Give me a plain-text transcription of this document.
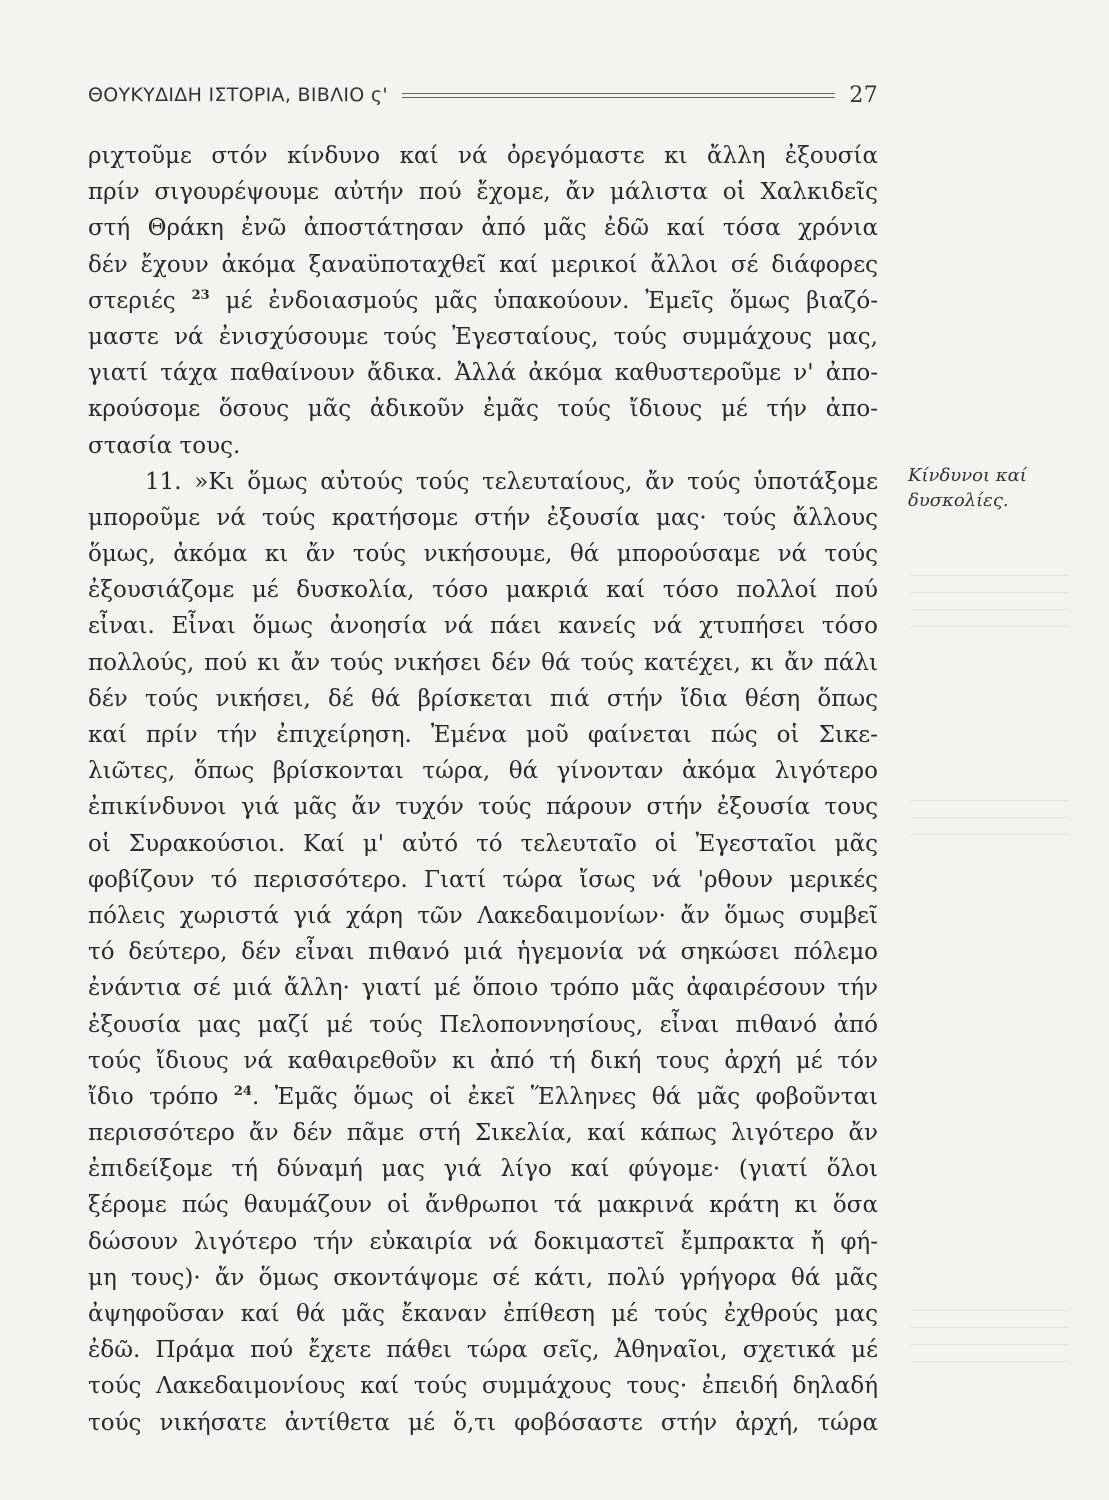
ΘΟΥΚΥΔΙΔΗ ΙΣΤΟΡΙΑ, ΒΙΒΛΙΟ ς'	27
ριχτοῦμε στόν κίνδυνο καί νά ὀρεγόμαστε κι ἄλλη ἐξουσία
πρίν σιγουρέψουμε αὐτήν πού ἔχομε, ἄν μάλιστα οἱ Χαλκιδεῖς
στή Θράκη ἐνῶ ἀποστάτησαν ἀπό μᾶς ἐδῶ καί τόσα χρόνια
δέν ἔχουν ἀκόμα ξαναϋποταχθεῖ καί μερικοί ἄλλοι σέ διάφορες
στεριές $^{23}$ μέ ἐνδοιασμούς μᾶς ὑπακούουν. Ἐμεῖς ὅμως βιαζό-
μαστε νά ἐνισχύσουμε τούς Ἐγεσταίους, τούς συμμάχους μας,
γιατί τάχα παθαίνουν ἄδικα. Ἀλλά ἀκόμα καθυστεροῦμε ν' ἀπο-
κρούσομε ὅσους μᾶς ἀδικοῦν ἐμᾶς τούς ἴδιους μέ τήν ἀπο-
στασία τους.
11. »Κι ὅμως αὐτούς τούς τελευταίους, ἄν τούς ὑποτάξομε
μποροῦμε νά τούς κρατήσομε στήν ἐξουσία μας· τούς ἄλλους
ὅμως, ἀκόμα κι ἄν τούς νικήσουμε, θά μπορούσαμε νά τούς
ἐξουσιάζομε μέ δυσκολία, τόσο μακριά καί τόσο πολλοί πού
εἶναι. Εἶναι ὅμως ἀνοησία νά πάει κανείς νά χτυπήσει τόσο
πολλούς, πού κι ἄν τούς νικήσει δέν θά τούς κατέχει, κι ἄν πάλι
δέν τούς νικήσει, δέ θά βρίσκεται πιά στήν ἴδια θέση ὅπως
καί πρίν τήν ἐπιχείρηση. Ἐμένα μοῦ φαίνεται πώς οἱ Σικε-
λιῶτες, ὅπως βρίσκονται τώρα, θά γίνονταν ἀκόμα λιγότερο
ἐπικίνδυνοι γιά μᾶς ἄν τυχόν τούς πάρουν στήν ἐξουσία τους
οἱ Συρακούσιοι. Καί μ' αὐτό τό τελευταῖο οἱ Ἐγεσταῖοι μᾶς
φοβίζουν τό περισσότερο. Γιατί τώρα ἴσως νά 'ρθουν μερικές
πόλεις χωριστά γιά χάρη τῶν Λακεδαιμονίων· ἄν ὅμως συμβεῖ
τό δεύτερο, δέν εἶναι πιθανό μιά ἡγεμονία νά σηκώσει πόλεμο
ἐνάντια σέ μιά ἄλλη· γιατί μέ ὅποιο τρόπο μᾶς ἀφαιρέσουν τήν
ἐξουσία μας μαζί μέ τούς Πελοποννησίους, εἶναι πιθανό ἀπό
τούς ἴδιους νά καθαιρεθοῦν κι ἀπό τή δική τους ἀρχή μέ τόν
ἴδιο τρόπο $^{24}$. Ἐμᾶς ὅμως οἱ ἐκεῖ Ἕλληνες θά μᾶς φοβοῦνται
περισσότερο ἄν δέν πᾶμε στή Σικελία, καί κάπως λιγότερο ἄν
ἐπιδείξομε τή δύναμή μας γιά λίγο καί φύγομε· (γιατί ὅλοι
ξέρομε πώς θαυμάζουν οἱ ἄνθρωποι τά μακρινά κράτη κι ὅσα
δώσουν λιγότερο τήν εὐκαιρία νά δοκιμαστεῖ ἔμπρακτα ἤ φή-
μη τους)· ἄν ὅμως σκοντάψομε σέ κάτι, πολύ γρήγορα θά μᾶς
ἀψηφοῦσαν καί θά μᾶς ἔκαναν ἐπίθεση μέ τούς ἐχθρούς μας
ἐδῶ. Πράμα πού ἔχετε πάθει τώρα σεῖς, Ἀθηναῖοι, σχετικά μέ
τούς Λακεδαιμονίους καί τούς συμμάχους τους· ἐπειδή δηλαδή
τούς νικήσατε ἀντίθετα μέ ὅ,τι φοβόσαστε στήν ἀρχή, τώρα
Κίνδυνοι καί
δυσκολίες.
